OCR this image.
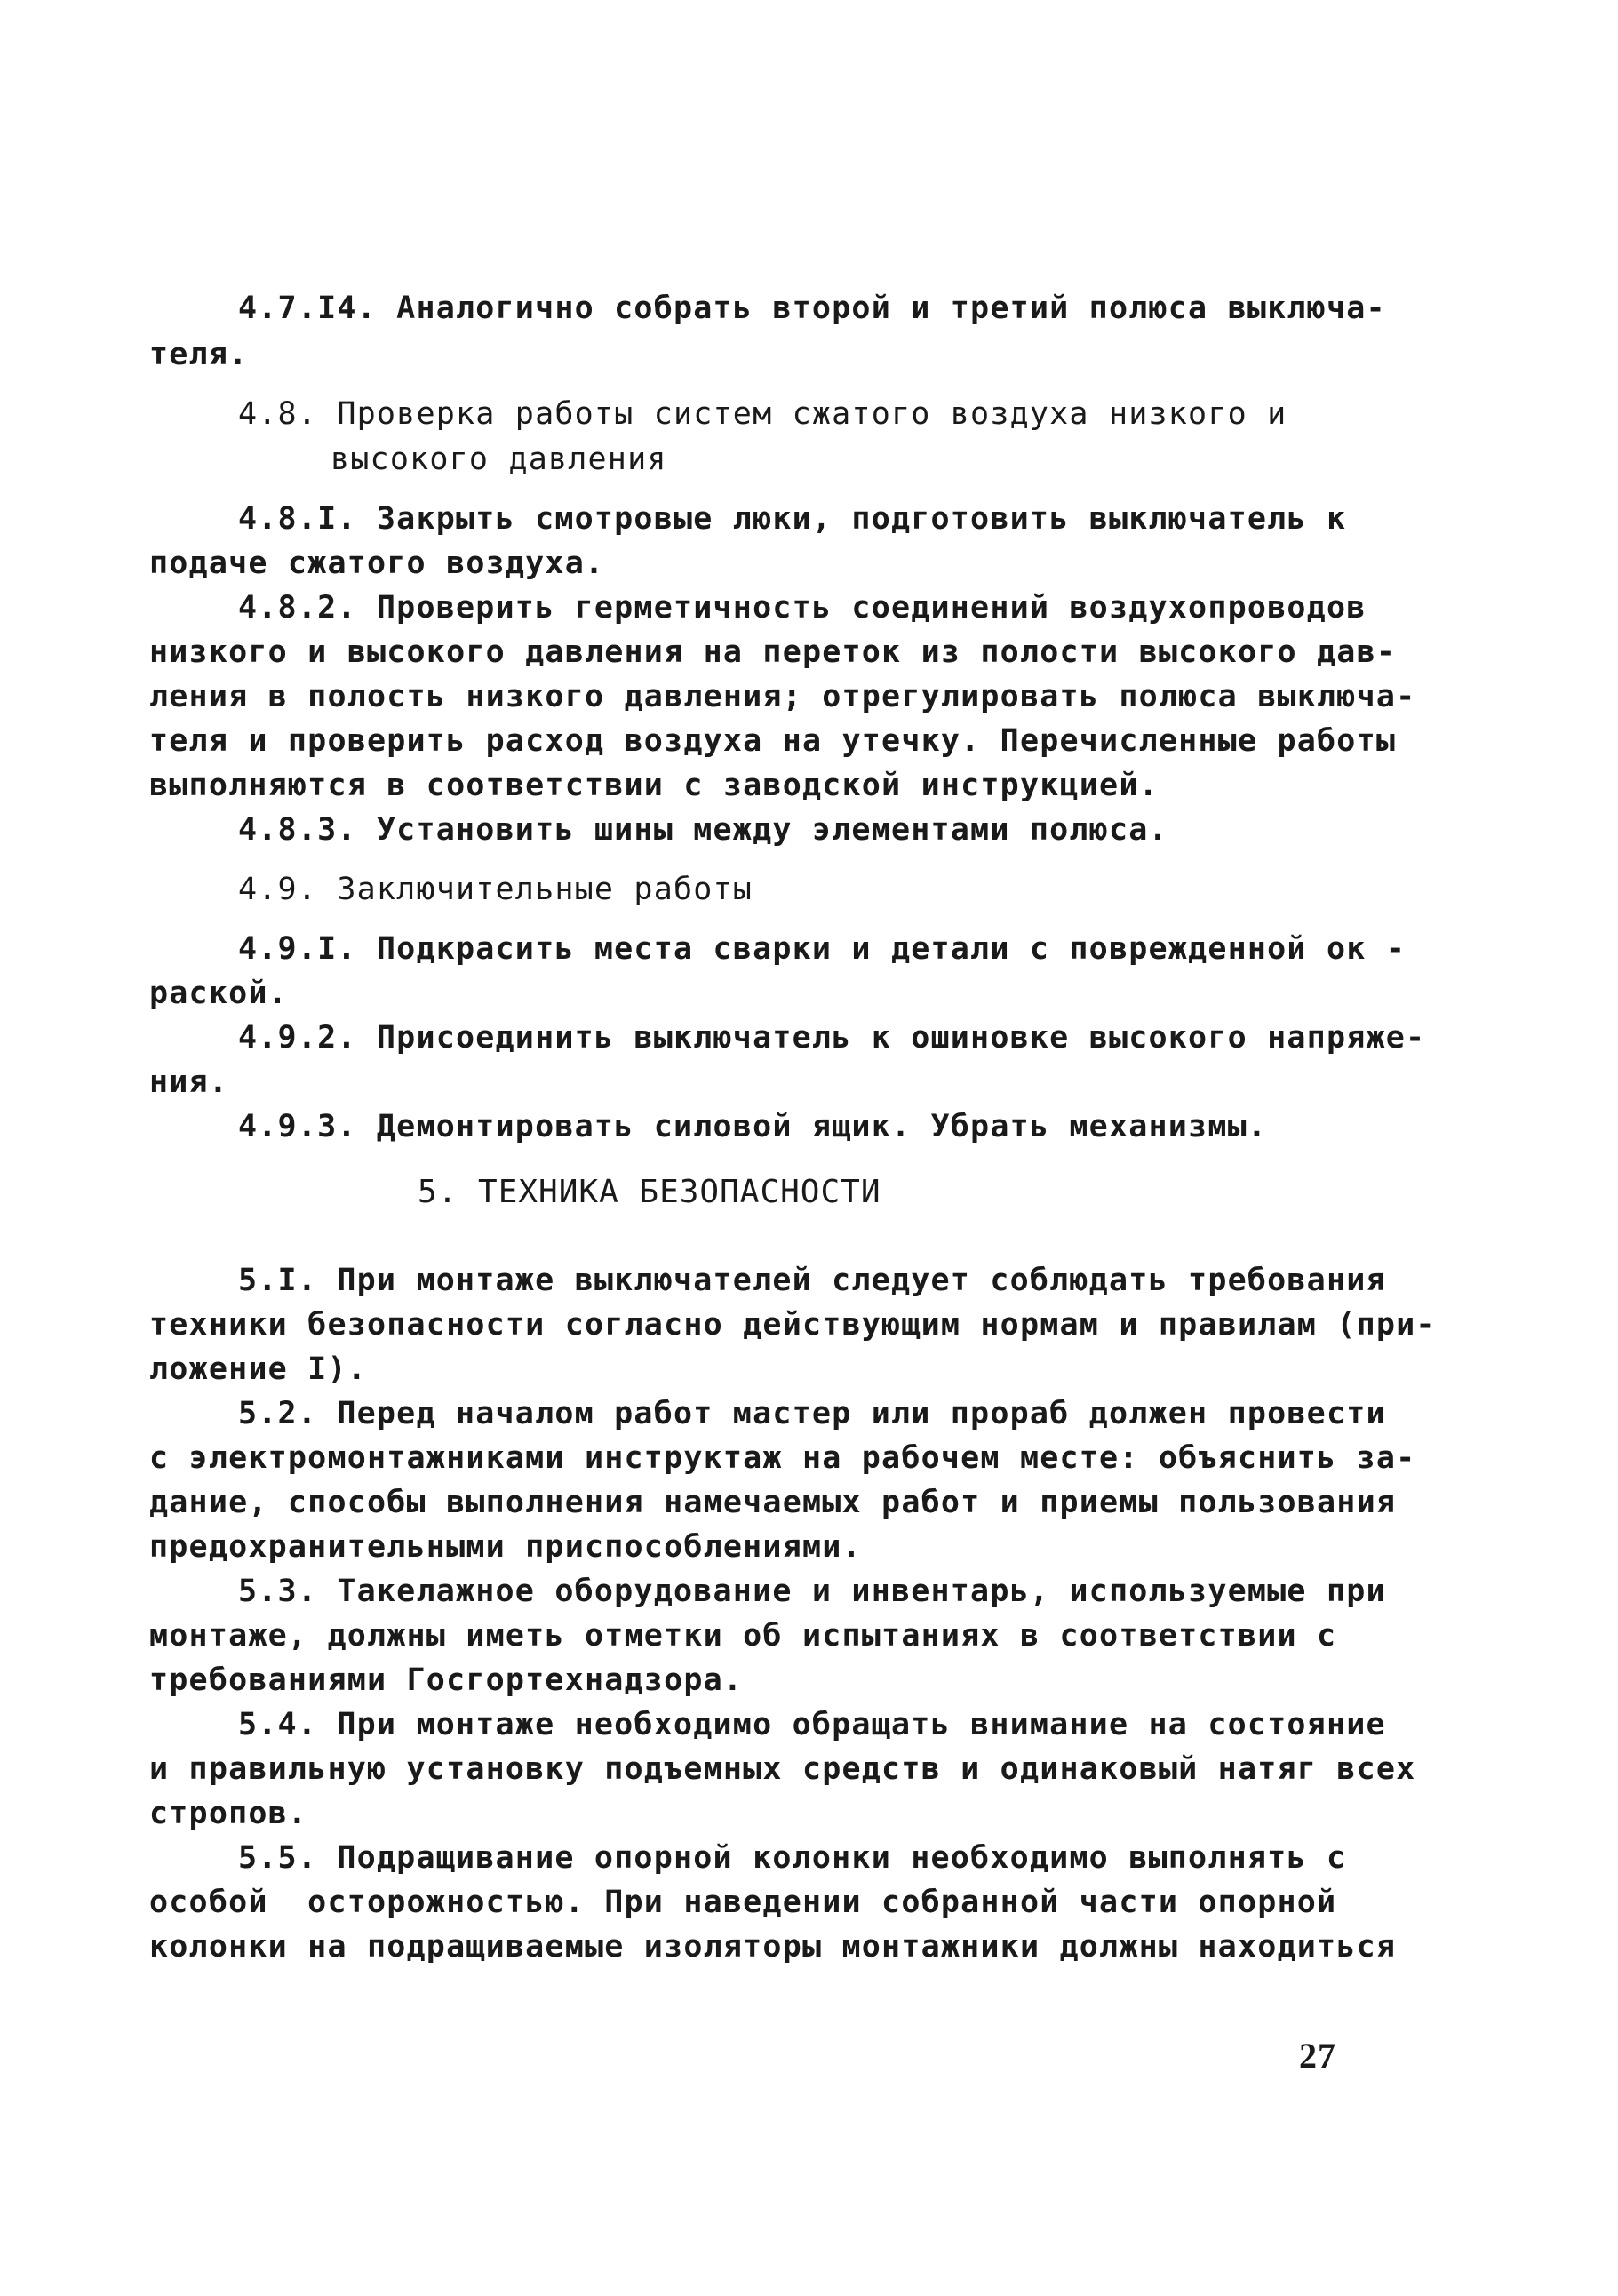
4.7.I4. Аналогично собрать второй и третий полюса выключа-
теля.
4.8. Проверка работы систем сжатого воздуха низкого и
высокого давления
4.8.I. Закрыть смотровые люки, подготовить выключатель к
подаче сжатого воздуха.
4.8.2. Проверить герметичность соединений воздухопроводов
низкого и высокого давления на переток из полости высокого дав-
ления в полость низкого давления; отрегулировать полюса выключа-
теля и проверить расход воздуха на утечку. Перечисленные работы
выполняются в соответствии с заводской инструкцией.
4.8.3. Установить шины между элементами полюса.
4.9. Заключительные работы
4.9.I. Подкрасить места сварки и детали с поврежденной ок -
раской.
4.9.2. Присоединить выключатель к ошиновке высокого напряже-
ния.
4.9.3. Демонтировать силовой ящик. Убрать механизмы.
5. ТЕХНИКА БЕЗОПАСНОСТИ
5.I. При монтаже выключателей следует соблюдать требования
техники безопасности согласно действующим нормам и правилам (при-
ложение I).
5.2. Перед началом работ мастер или прораб должен провести
с электромонтажниками инструктаж на рабочем месте: объяснить за-
дание, способы выполнения намечаемых работ и приемы пользования
предохранительными приспособлениями.
5.3. Такелажное оборудование и инвентарь, используемые при
монтаже, должны иметь отметки об испытаниях в соответствии с
требованиями Госгортехнадзора.
5.4. При монтаже необходимо обращать внимание на состояние
и правильную установку подъемных средств и одинаковый натяг всех
стропов.
5.5. Подращивание опорной колонки необходимо выполнять с
особой  осторожностью. При наведении собранной части опорной
колонки на подращиваемые изоляторы монтажники должны находиться
27
